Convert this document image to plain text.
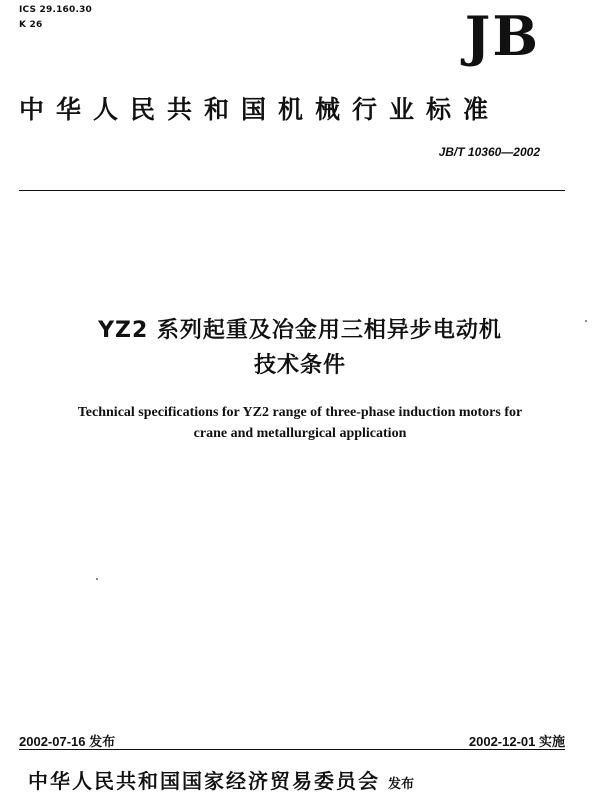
ICS 29.160.30
K 26	JB
中华人民共和国机械行业标准
JB/T 10360—2002
YZ2 系列起重及冶金用三相异步电动机
技术条件
Technical specifications for YZ2 range of three-phase induction motors for
crane and metallurgical application
2002-07-16 发布	2002-12-01 实施
中华人民共和国国家经济贸易委员会 发布
